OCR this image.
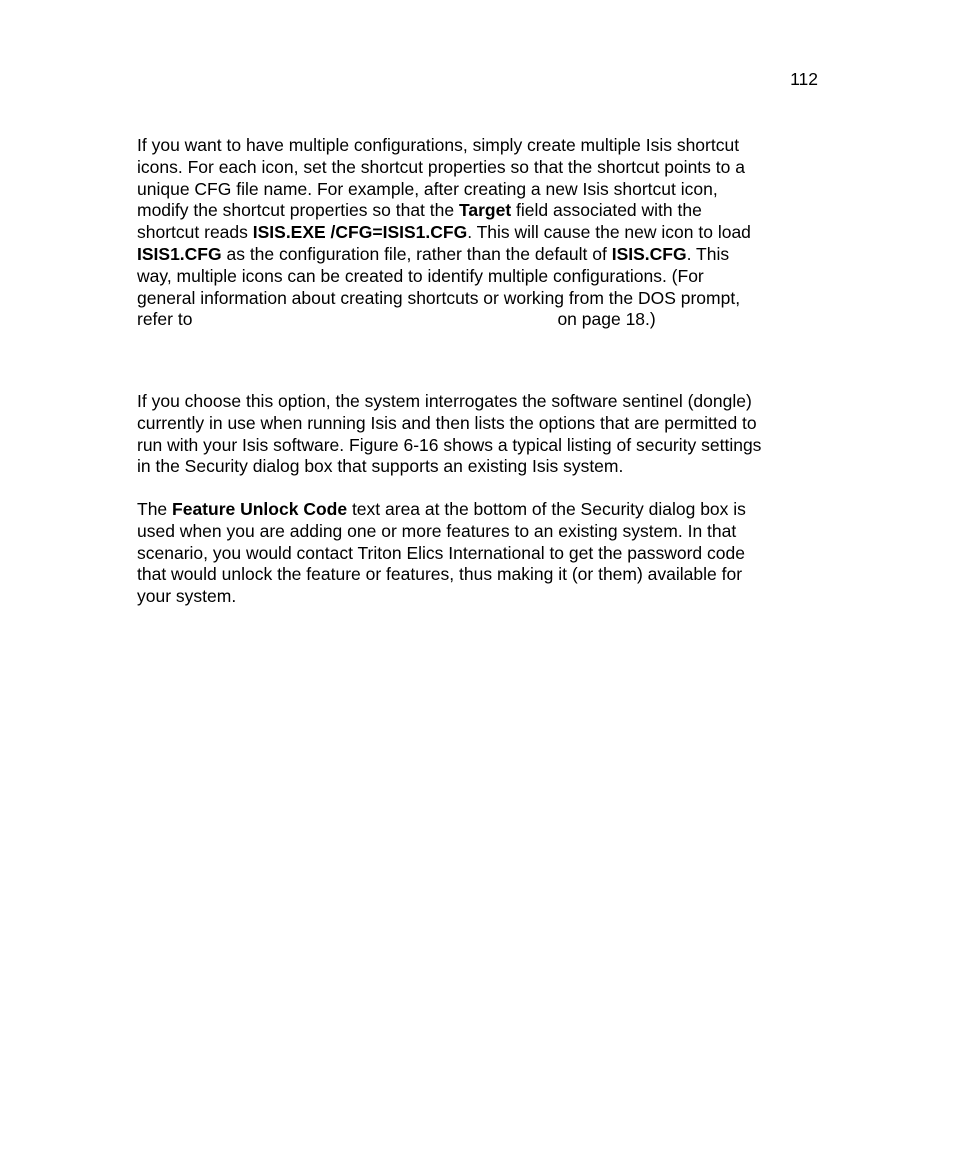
112

If you want to have multiple configurations, simply create multiple Isis shortcut
icons. For each icon, set the shortcut properties so that the shortcut points to a
unique CFG file name. For example, after creating a new Isis shortcut icon,
modify the shortcut properties so that the Target field associated with the
shortcut reads ISIS.EXE /CFG=ISIS1.CFG. This will cause the new icon to load
ISIS1.CFG as the configuration file, rather than the default of ISIS.CFG. This
way, multiple icons can be created to identify multiple configurations. (For
general information about creating shortcuts or working from the DOS prompt,
refer to	on page 18.)

If you choose this option, the system interrogates the software sentinel (dongle)
currently in use when running Isis and then lists the options that are permitted to
run with your Isis software. Figure 6-16 shows a typical listing of security settings
in the Security dialog box that supports an existing Isis system.

The Feature Unlock Code text area at the bottom of the Security dialog box is
used when you are adding one or more features to an existing system. In that
scenario, you would contact Triton Elics International to get the password code
that would unlock the feature or features, thus making it (or them) available for
your system.
